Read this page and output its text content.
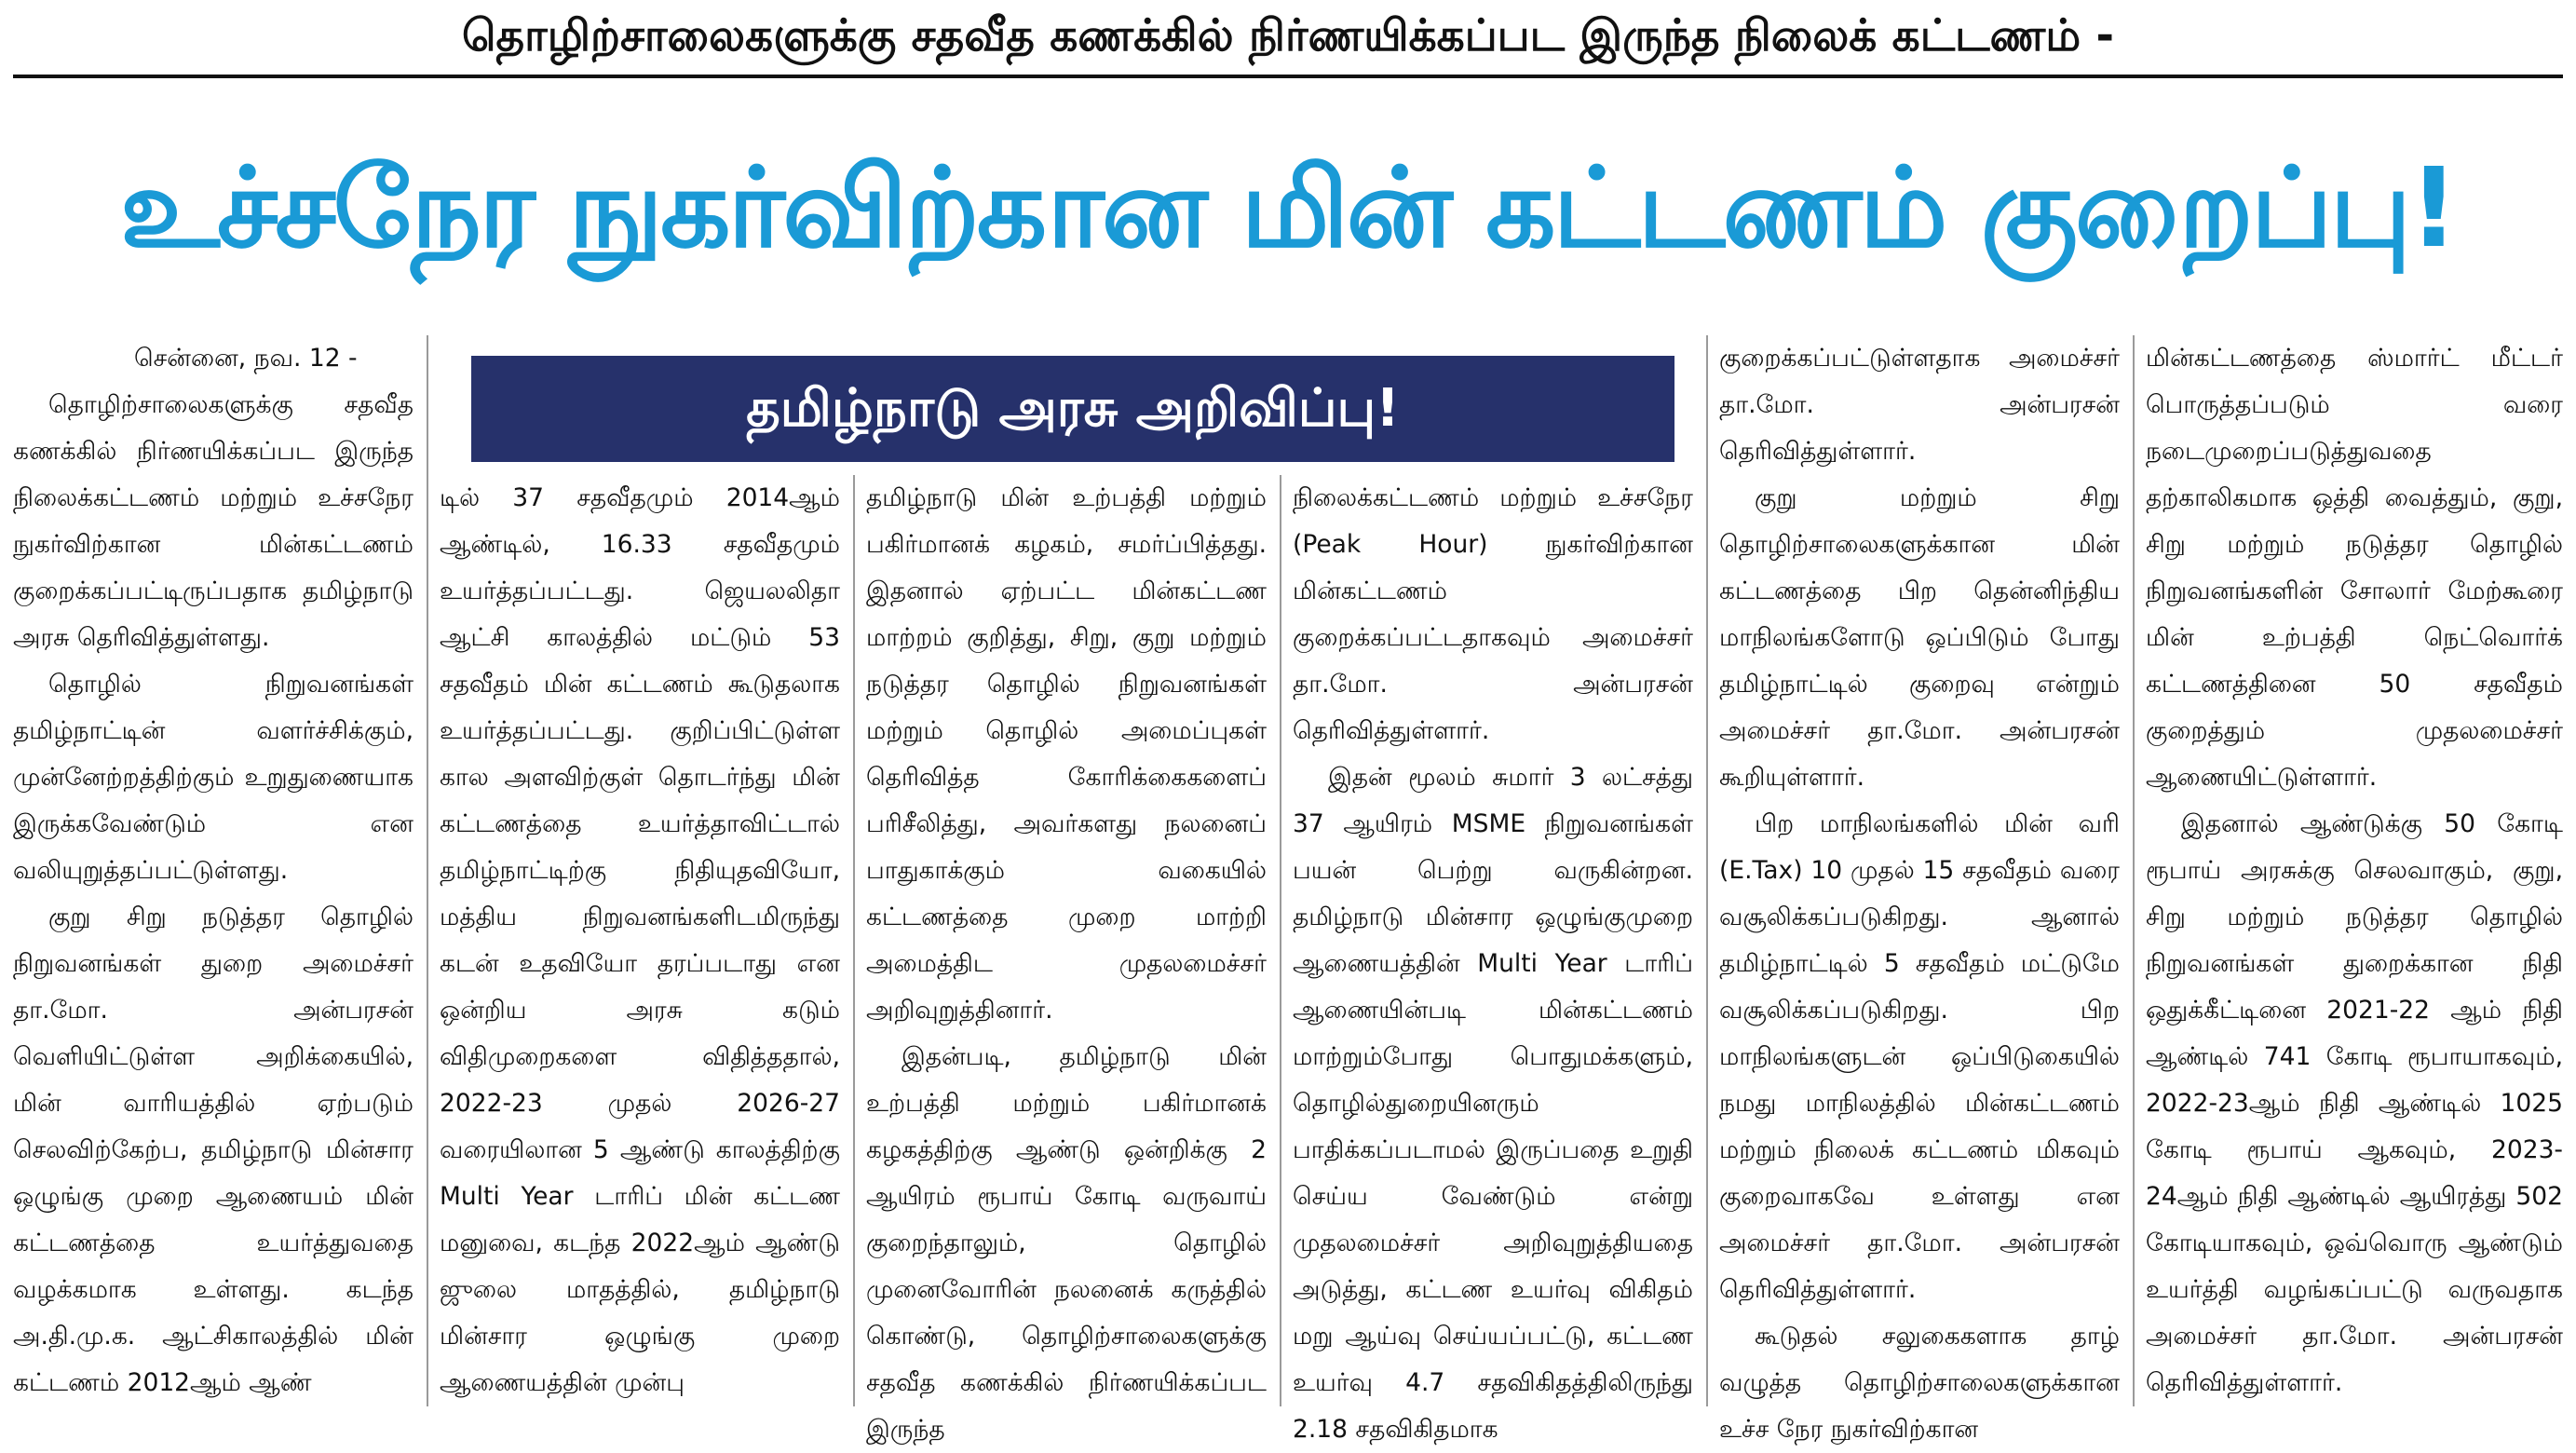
தொழிற்சாலைகளுக்கு சதவீத கணக்கில் நிர்ணயிக்கப்பட இருந்த நிலைக் கட்டணம் -
உச்சநேர நுகர்விற்கான மின் கட்டணம் குறைப்பு!
தமிழ்நாடு அரசு அறிவிப்பு!

சென்னை, நவ. 12 -

தொழிற்சாலைகளுக்கு சதவீத கணக்கில் நிர்ணயிக்கப்பட இருந்த நிலைக்கட்டணம் மற்றும் உச்சநேர நுகர்விற்கான மின்கட்டணம் குறைக்கப்பட்டிருப்பதாக தமிழ்நாடு அரசு தெரிவித்துள்ளது.

தொழில் நிறுவனங்கள் தமிழ்நாட்டின் வளர்ச்சிக்கும், முன்னேற்றத்திற்கும் உறுதுணையாக இருக்கவேண்டும் என வலியுறுத்தப்பட்டுள்ளது.

குறு சிறு நடுத்தர தொழில் நிறுவனங்கள் துறை அமைச்சர் தா.மோ. அன்பரசன் வெளியிட்டுள்ள அறிக்கையில், மின் வாரியத்தில் ஏற்படும் செலவிற்கேற்ப, தமிழ்நாடு மின்சார ஒழுங்கு முறை ஆணையம் மின் கட்டணத்தை உயர்த்துவதை வழக்கமாக உள்ளது. கடந்த அ.தி.மு.க. ஆட்சிகாலத்தில் மின் கட்டணம் 2012ஆம் ஆண்

டில் 37 சதவீதமும் 2014ஆம் ஆண்டில், 16.33 சதவீதமும் உயர்த்தப்பட்டது. ஜெயலலிதா ஆட்சி காலத்தில் மட்டும் 53 சதவீதம் மின் கட்டணம் கூடுதலாக உயர்த்தப்பட்டது. குறிப்பிட்டுள்ள கால அளவிற்குள் தொடர்ந்து மின் கட்டணத்தை உயர்த்தாவிட்டால் தமிழ்நாட்டிற்கு நிதியுதவியோ, மத்திய நிறுவனங்களிடமிருந்து கடன் உதவியோ தரப்படாது என ஒன்றிய அரசு கடும் விதிமுறைகளை விதித்ததால், 2022-23 முதல் 2026-27 வரையிலான 5 ஆண்டு காலத்திற்கு Multi Year டாரிப் மின் கட்டண மனுவை, கடந்த 2022ஆம் ஆண்டு ஜுலை மாதத்தில், தமிழ்நாடு மின்சார ஒழுங்கு முறை ஆணையத்தின் முன்பு

தமிழ்நாடு மின் உற்பத்தி மற்றும் பகிர்மானக் கழகம், சமர்ப்பித்தது. இதனால் ஏற்பட்ட மின்கட்டண மாற்றம் குறித்து, சிறு, குறு மற்றும் நடுத்தர தொழில் நிறுவனங்கள் மற்றும் தொழில் அமைப்புகள் தெரிவித்த கோரிக்கைகளைப் பரிசீலித்து, அவர்களது நலனைப் பாதுகாக்கும் வகையில் கட்டணத்தை முறை மாற்றி அமைத்திட முதலமைச்சர் அறிவுறுத்தினார்.

இதன்படி, தமிழ்நாடு மின் உற்பத்தி மற்றும் பகிர்மானக் கழகத்திற்கு ஆண்டு ஒன்றிக்கு 2 ஆயிரம் ரூபாய் கோடி வருவாய் குறைந்தாலும், தொழில் முனைவோரின் நலனைக் கருத்தில் கொண்டு, தொழிற்சாலைகளுக்கு சதவீத கணக்கில் நிர்ணயிக்கப்பட இருந்த

நிலைக்கட்டணம் மற்றும் உச்சநேர (Peak Hour) நுகர்விற்கான மின்கட்டணம் குறைக்கப்பட்டதாகவும் அமைச்சர் தா.மோ. அன்பரசன் தெரிவித்துள்ளார்.

இதன் மூலம் சுமார் 3 லட்சத்து 37 ஆயிரம் MSME நிறுவனங்கள் பயன் பெற்று வருகின்றன. தமிழ்நாடு மின்சார ஒழுங்குமுறை ஆணையத்தின் Multi Year டாரிப் ஆணையின்படி மின்கட்டணம் மாற்றும்போது பொதுமக்களும், தொழில்துறையினரும் பாதிக்கப்படாமல் இருப்பதை உறுதி செய்ய வேண்டும் என்று முதலமைச்சர் அறிவுறுத்தியதை அடுத்து, கட்டண உயர்வு விகிதம் மறு ஆய்வு செய்யப்பட்டு, கட்டண உயர்வு 4.7 சதவிகிதத்திலிருந்து 2.18 சதவிகிதமாக

குறைக்கப்பட்டுள்ளதாக அமைச்சர் தா.மோ. அன்பரசன் தெரிவித்துள்ளார்.

குறு மற்றும் சிறு தொழிற்சாலைகளுக்கான மின் கட்டணத்தை பிற தென்னிந்திய மாநிலங்களோடு ஒப்பிடும் போது தமிழ்நாட்டில் குறைவு என்றும் அமைச்சர் தா.மோ. அன்பரசன் கூறியுள்ளார்.

பிற மாநிலங்களில் மின் வரி (E.Tax) 10 முதல் 15 சதவீதம் வரை வசூலிக்கப்படுகிறது. ஆனால் தமிழ்நாட்டில் 5 சதவீதம் மட்டுமே வசூலிக்கப்படுகிறது. பிற மாநிலங்களுடன் ஒப்பிடுகையில் நமது மாநிலத்தில் மின்கட்டணம் மற்றும் நிலைக் கட்டணம் மிகவும் குறைவாகவே உள்ளது என அமைச்சர் தா.மோ. அன்பரசன் தெரிவித்துள்ளார்.

கூடுதல் சலுகைகளாக தாழ் வழுத்த தொழிற்சாலைகளுக்கான உச்ச நேர நுகர்விற்கான

மின்கட்டணத்தை ஸ்மார்ட் மீட்டர் பொருத்தப்படும் வரை நடைமுறைப்படுத்துவதை தற்காலிகமாக ஒத்தி வைத்தும், குறு, சிறு மற்றும் நடுத்தர தொழில் நிறுவனங்களின் சோலார் மேற்கூரை மின் உற்பத்தி நெட்வொர்க் கட்டணத்தினை 50 சதவீதம் குறைத்தும் முதலமைச்சர் ஆணையிட்டுள்ளார்.

இதனால் ஆண்டுக்கு 50 கோடி ரூபாய் அரசுக்கு செலவாகும், குறு, சிறு மற்றும் நடுத்தர தொழில் நிறுவனங்கள் துறைக்கான நிதி ஒதுக்கீட்டினை 2021-22 ஆம் நிதி ஆண்டில் 741 கோடி ரூபாயாகவும், 2022-23ஆம் நிதி ஆண்டில் 1025 கோடி ரூபாய் ஆகவும், 2023-24ஆம் நிதி ஆண்டில் ஆயிரத்து 502 கோடியாகவும், ஒவ்வொரு ஆண்டும் உயர்த்தி வழங்கப்பட்டு வருவதாக அமைச்சர் தா.மோ. அன்பரசன் தெரிவித்துள்ளார்.
